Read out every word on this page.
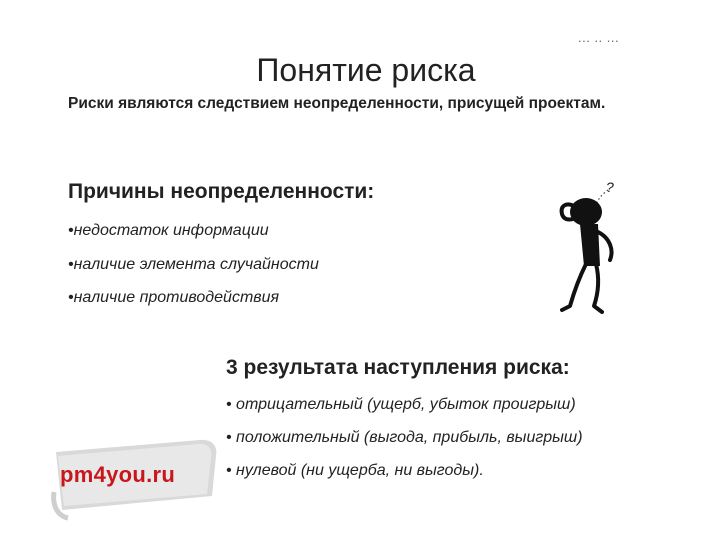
... .. ...
Понятие риска
Риски являются следствием неопределенности, присущей проектам.
Причины неопределенности:
•недостаток информации
•наличие элемента случайности
•наличие противодействия
?
3 результата наступления риска:
• отрицательный (ущерб, убыток проигрыш)
• положительный (выгода, прибыль, выигрыш)
• нулевой (ни ущерба, ни выгоды).
pm4you.ru
